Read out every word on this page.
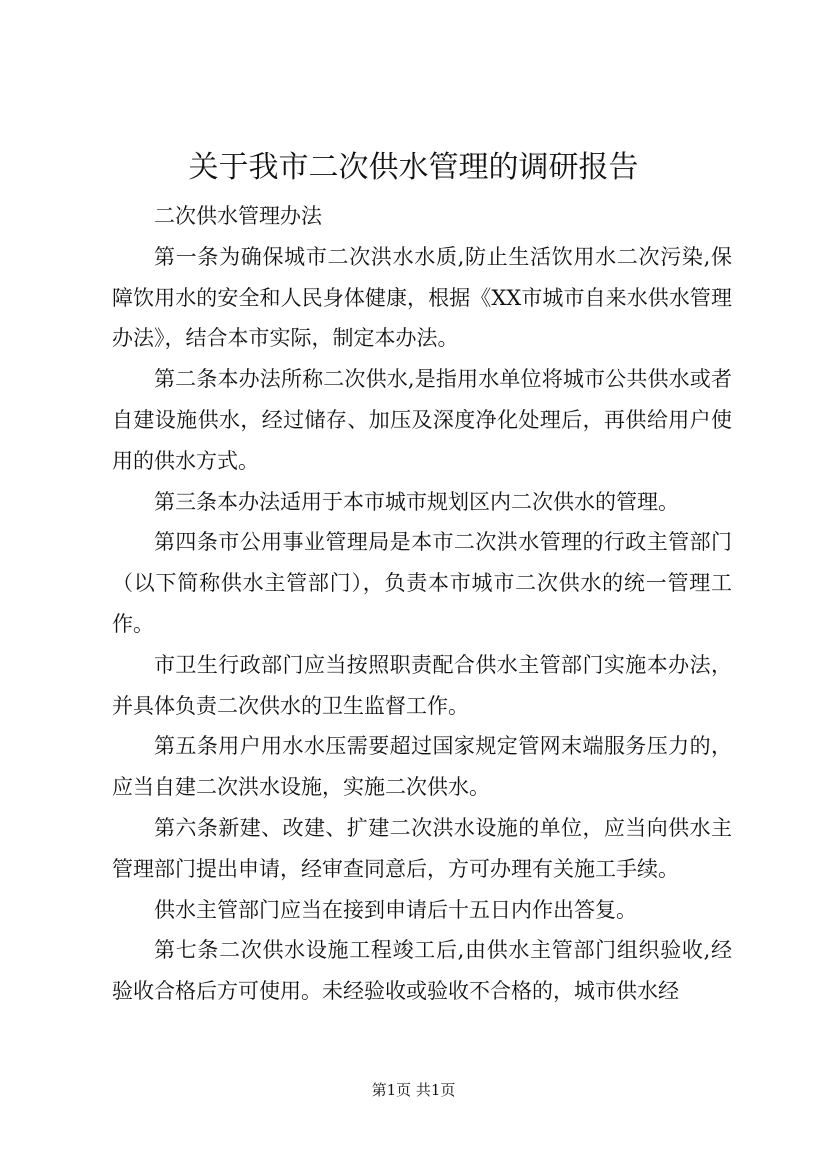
关于我市二次供水管理的调研报告

二次供水管理办法

第一条为确保城市二次洪水水质,防止生活饮用水二次污染,保障饮用水的安全和人民身体健康，根据《XX市城市自来水供水管理办法》，结合本市实际，制定本办法。

第二条本办法所称二次供水,是指用水单位将城市公共供水或者自建设施供水，经过储存、加压及深度净化处理后，再供给用户使用的供水方式。

第三条本办法适用于本市城市规划区内二次供水的管理。

第四条市公用事业管理局是本市二次洪水管理的行政主管部门（以下简称供水主管部门），负责本市城市二次供水的统一管理工作。

市卫生行政部门应当按照职责配合供水主管部门实施本办法，并具体负责二次供水的卫生监督工作。

第五条用户用水水压需要超过国家规定管网末端服务压力的，应当自建二次洪水设施，实施二次供水。

第六条新建、改建、扩建二次洪水设施的单位，应当向供水主管理部门提出申请，经审查同意后，方可办理有关施工手续。

供水主管部门应当在接到申请后十五日内作出答复。

第七条二次供水设施工程竣工后,由供水主管部门组织验收,经验收合格后方可使用。未经验收或验收不合格的，城市供水经

第1页 共1页
